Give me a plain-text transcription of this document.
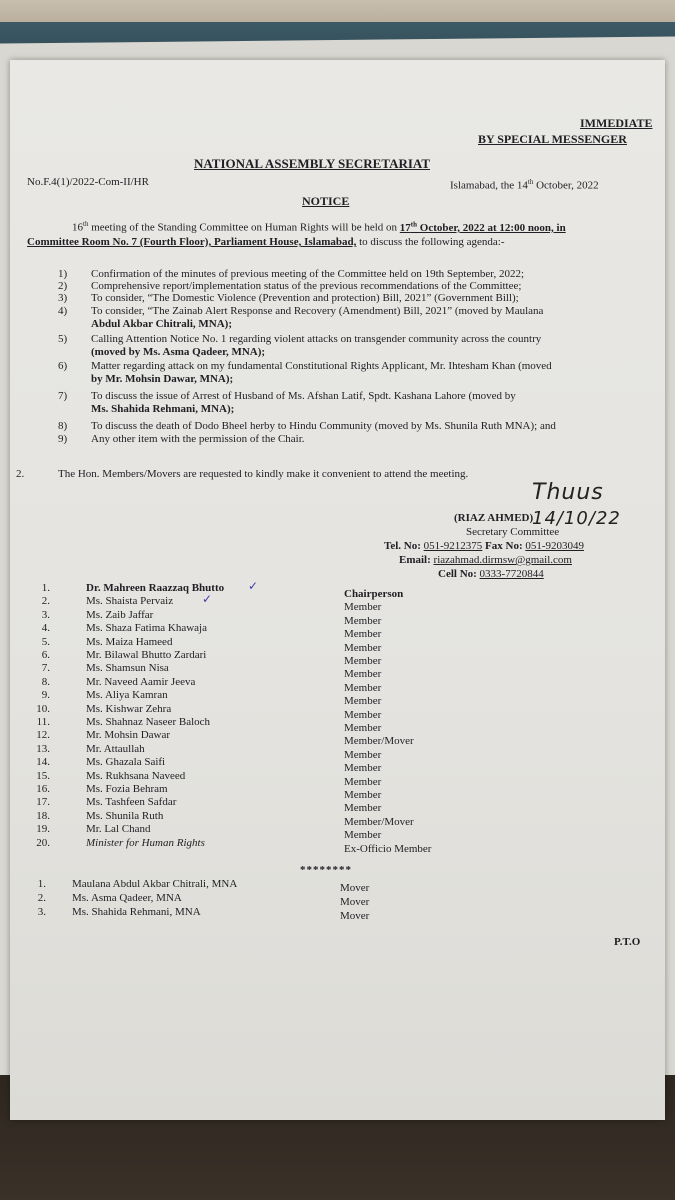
IMMEDIATE
BY SPECIAL MESSENGER
NATIONAL ASSEMBLY SECRETARIAT
No.F.4(1)/2022-Com-II/HR	Islamabad, the 14th October, 2022
NOTICE
16th meeting of the Standing Committee on Human Rights will be held on 17th October, 2022 at 12:00 noon, in
Committee Room No. 7 (Fourth Floor), Parliament House, Islamabad, to discuss the following agenda:-
1) Confirmation of the minutes of previous meeting of the Committee held on 19th September, 2022;
2) Comprehensive report/implementation status of the previous recommendations of the Committee;
3) To consider, “The Domestic Violence (Prevention and protection) Bill, 2021” (Government Bill);
4) To consider, “The Zainab Alert Response and Recovery (Amendment) Bill, 2021” (moved by Maulana
Abdul Akbar Chitrali, MNA);
5) Calling Attention Notice No. 1 regarding violent attacks on transgender community across the country
(moved by Ms. Asma Qadeer, MNA);
6) Matter regarding attack on my fundamental Constitutional Rights Applicant, Mr. Ihtesham Khan (moved
by Mr. Mohsin Dawar, MNA);
7) To discuss the issue of Arrest of Husband of Ms. Afshan Latif, Spdt. Kashana Lahore (moved by
Ms. Shahida Rehmani, MNA);
8) To discuss the death of Dodo Bheel herby to Hindu Community (moved by Ms. Shunila Ruth MNA); and
9) Any other item with the permission of the Chair.
2.	The Hon. Members/Movers are requested to kindly make it convenient to attend the meeting.
Thuus 14/10/22
(RIAZ AHMED)
Secretary Committee
Tel. No: 051-9212375 Fax No: 051-9203049
Email: riazahmad.dirmsw@gmail.com
Cell No: 0333-7720844
1.	Dr. Mahreen Raazzaq Bhutto	Chairperson
2.	Ms. Shaista Pervaiz	Member
3.	Ms. Zaib Jaffar	Member
4.	Ms. Shaza Fatima Khawaja	Member
5.	Ms. Maiza Hameed	Member
6.	Mr. Bilawal Bhutto Zardari	Member
7.	Ms. Shamsun Nisa	Member
8.	Mr. Naveed Aamir Jeeva	Member
9.	Ms. Aliya Kamran	Member
10.	Ms. Kishwar Zehra	Member
11.	Ms. Shahnaz Naseer Baloch	Member
12.	Mr. Mohsin Dawar	Member/Mover
13.	Mr. Attaullah	Member
14.	Ms. Ghazala Saifi	Member
15.	Ms. Rukhsana Naveed	Member
16.	Ms. Fozia Behram	Member
17.	Ms. Tashfeen Safdar	Member
18.	Ms. Shunila Ruth	Member/Mover
19.	Mr. Lal Chand	Member
20.	Minister for Human Rights	Ex-Officio Member
✓
✓
********
1. Maulana Abdul Akbar Chitrali, MNA	Mover
2. Ms. Asma Qadeer, MNA	Mover
3. Ms. Shahida Rehmani, MNA	Mover
P.T.O
